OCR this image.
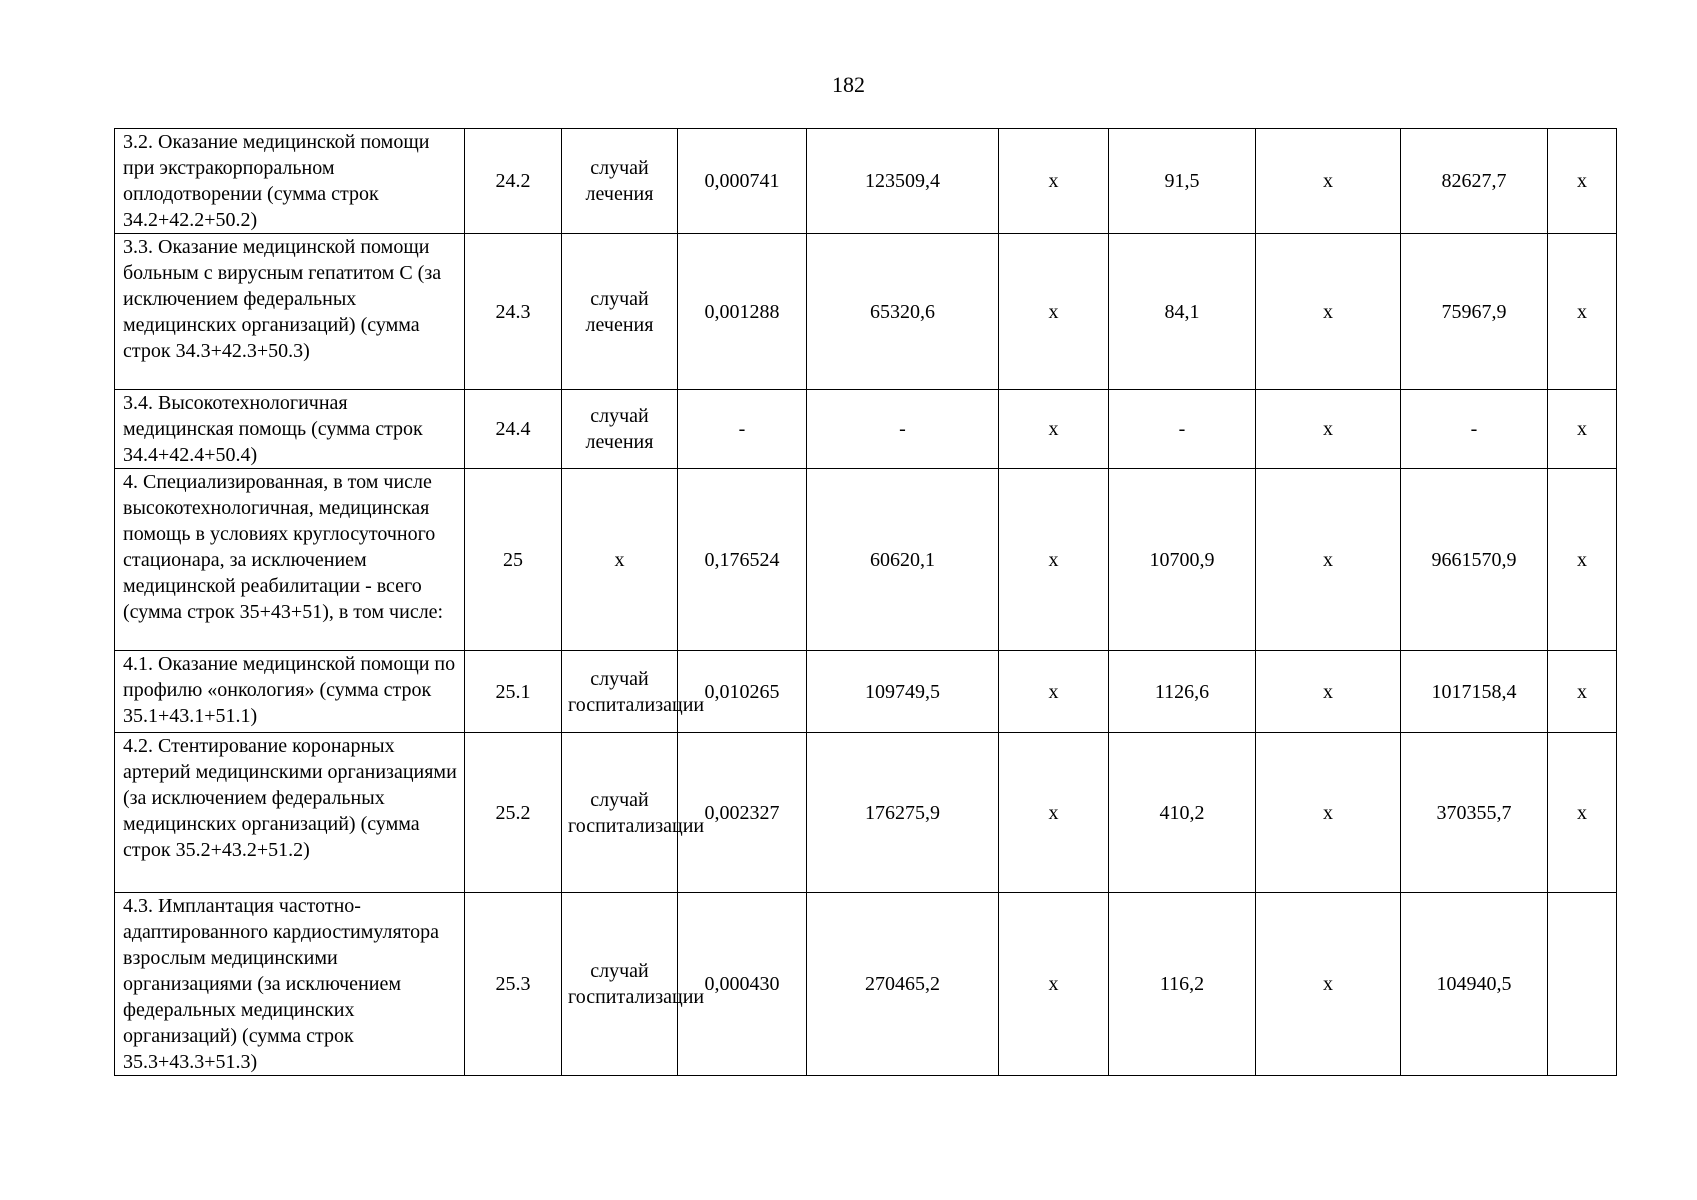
182
3.2. Оказание медицинской помощи при экстракорпоральном оплодотворении (сумма строк 34.2+42.2+50.2)	24.2	случай лечения	0,000741	123509,4	х	91,5	х	82627,7	х
3.3. Оказание медицинской помощи больным с вирусным гепатитом С (за исключением федеральных медицинских организаций) (сумма строк 34.3+42.3+50.3)	24.3	случай лечения	0,001288	65320,6	х	84,1	х	75967,9	х
3.4. Высокотехнологичная медицинская помощь (сумма строк 34.4+42.4+50.4)	24.4	случай лечения	-	-	х	-	х	-	х
4. Специализированная, в том числе высокотехнологичная, медицинская помощь в условиях круглосуточного стационара, за исключением медицинской реабилитации - всего (сумма строк 35+43+51), в том числе:	25	х	0,176524	60620,1	х	10700,9	х	9661570,9	х
4.1. Оказание медицинской помощи по профилю «онкология» (сумма строк 35.1+43.1+51.1)	25.1	случай госпитализации	0,010265	109749,5	х	1126,6	х	1017158,4	х
4.2. Стентирование коронарных артерий медицинскими организациями (за исключением федеральных медицинских организаций) (сумма строк 35.2+43.2+51.2)	25.2	случай госпитализации	0,002327	176275,9	х	410,2	х	370355,7	х
4.3. Имплантация частотно-адаптированного кардиостимулятора взрослым медицинскими организациями (за исключением федеральных медицинских организаций) (сумма строк 35.3+43.3+51.3)	25.3	случай госпитализации	0,000430	270465,2	х	116,2	х	104940,5	
